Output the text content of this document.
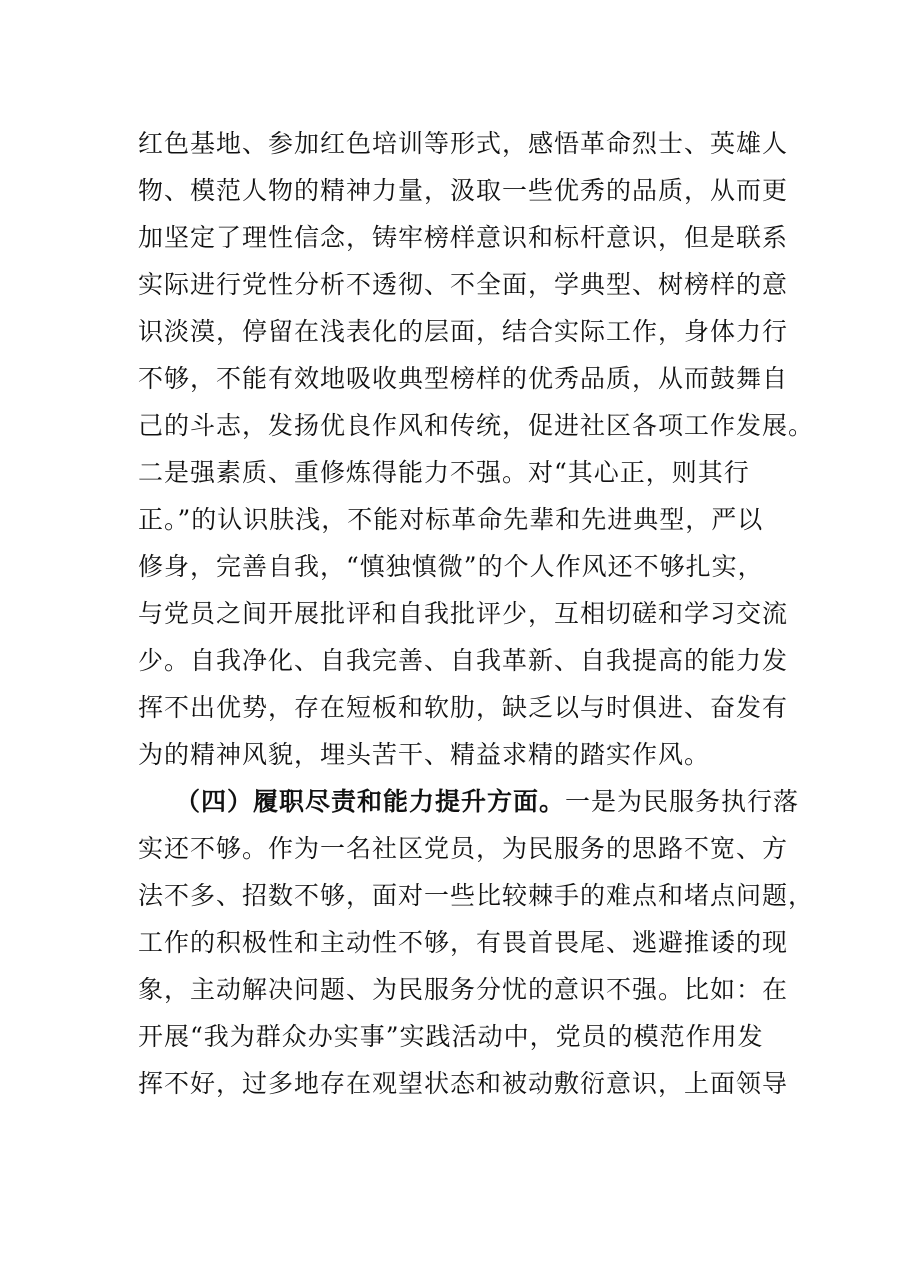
红色基地、参加红色培训等形式，感悟革命烈士、英雄人
物、模范人物的精神力量，汲取一些优秀的品质，从而更
加坚定了理性信念，铸牢榜样意识和标杆意识，但是联系
实际进行党性分析不透彻、不全面，学典型、树榜样的意
识淡漠，停留在浅表化的层面，结合实际工作，身体力行
不够，不能有效地吸收典型榜样的优秀品质，从而鼓舞自
己的斗志，发扬优良作风和传统，促进社区各项工作发展。
二是强素质、重修炼得能力不强。对“其心正，则其行
正。”的认识肤浅，不能对标革命先辈和先进典型，严以
修身，完善自我，“慎独慎微”的个人作风还不够扎实，
与党员之间开展批评和自我批评少，互相切磋和学习交流
少。自我净化、自我完善、自我革新、自我提高的能力发
挥不出优势，存在短板和软肋，缺乏以与时俱进、奋发有
为的精神风貌，埋头苦干、精益求精的踏实作风。
（四）履职尽责和能力提升方面。一是为民服务执行落
实还不够。作为一名社区党员，为民服务的思路不宽、方
法不多、招数不够，面对一些比较棘手的难点和堵点问题，
工作的积极性和主动性不够，有畏首畏尾、逃避推诿的现
象，主动解决问题、为民服务分忧的意识不强。比如：在
开展“我为群众办实事”实践活动中，党员的模范作用发
挥不好，过多地存在观望状态和被动敷衍意识，上面领导
